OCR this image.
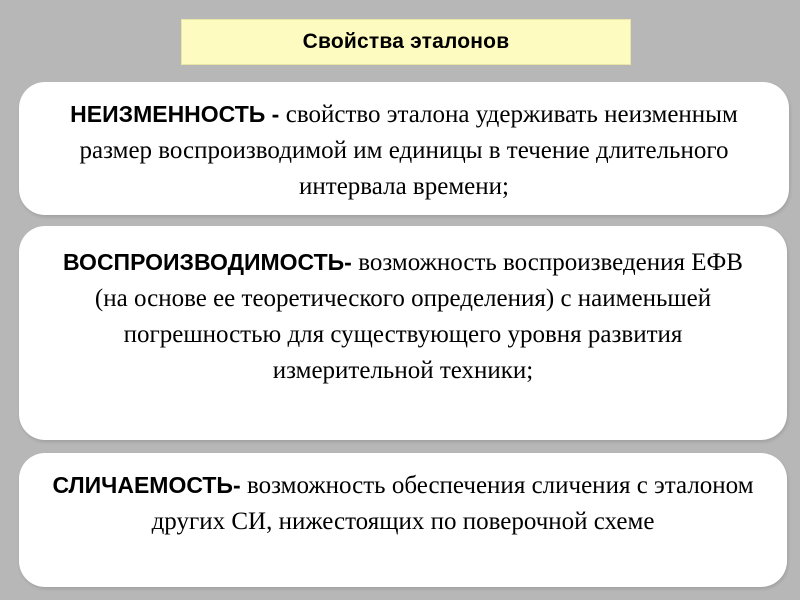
Свойства эталонов

НЕИЗМЕННОСТЬ - свойство эталона удерживать неизменным размер воспроизводимой им единицы в течение длительного интервала времени;

ВОСПРОИЗВОДИМОСТЬ- возможность воспроизведения ЕФВ (на основе ее теоретического определения) с наименьшей погрешностью для существующего уровня развития измерительной техники;

СЛИЧАЕМОСТЬ- возможность обеспечения сличения с эталоном других СИ, нижестоящих по поверочной схеме
